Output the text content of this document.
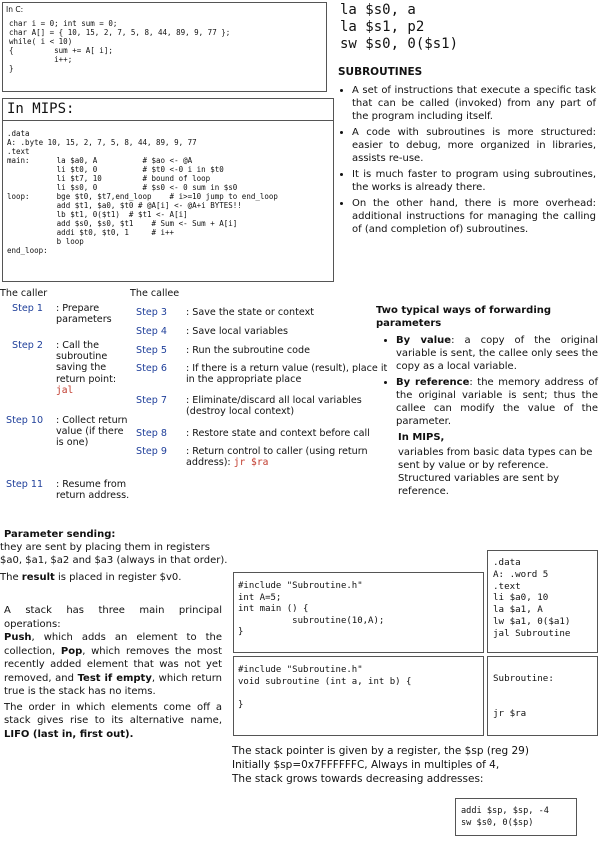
In C:
char i = 0; int sum = 0;
char A[] = { 10, 15, 2, 7, 5, 8, 44, 89, 9, 77 };
while( i < 10)
{         sum += A[ i];
i++;
}
In MIPS:
.data
A: .byte 10, 15, 2, 7, 5, 8, 44, 89, 9, 77
.text
main:      la $a0, A          # $ao <- @A
li $t0, 0          # $t0 <-0 i in $t0
li $t7, 10         # bound of loop
li $s0, 0          # $s0 <- 0 sum in $s0
loop:      bge $t0, $t7,end_loop    # i>=10 jump to end_loop
add $t1, $a0, $t0 # @A[i] <- @A+i BYTES!!
lb $t1, 0($t1)  # $t1 <- A[i]
add $s0, $s0, $t1    # Sum <- Sum + A[i]
addi $t0, $t0, 1     # i++
b loop
end_loop:
la $s0, a
la $s1, p2
sw $s0, 0($s1)
SUBROUTINES
• A set of instructions that execute a specific task that can be called (invoked) from any part of the program including itself.
• A code with subroutines is more structured: easier to debug, more organized in libraries, assists re-use.
• It is much faster to program using subroutines, the works is already there.
• On the other hand, there is more overhead: additional instructions for managing the calling of (and completion of) subroutines.
The caller
Step 1	: Prepare parameters
Step 2	: Call the subroutine saving the return point:
jal
Step 10	: Collect return value (if there is one)
Step 11	: Resume from return address.
The callee
Step 3	: Save the state or context
Step 4	: Save local variables
Step 5	: Run the subroutine code
Step 6	: If there is a return value (result), place it in the appropriate place
Step 7	: Eliminate/discard all local variables (destroy local context)
Step 8	: Restore state and context before call
Step 9	: Return control to caller (using return address): jr $ra
Two typical ways of forwarding parameters
• By value: a copy of the original variable is sent, the callee only sees the copy as a local variable.
• By reference: the memory address of the original variable is sent; thus the callee can modify the value of the parameter.
In MIPS,
variables from basic data types can be sent by value or by reference. Structured variables are sent by reference.
Parameter sending:
they are sent by placing them in registers $a0, $a1, $a2 and $a3 (always in that order).
The result is placed in register $v0.
A stack has three main principal operations:
Push, which adds an element to the collection, Pop, which removes the most recently added element that was not yet removed, and Test if empty, which return true is the stack has no items.
The order in which elements come off a stack gives rise to its alternative name, LIFO (last in, first out).
#include "Subroutine.h"
int A=5;
int main () {
subroutine(10,A);
}
#include "Subroutine.h"
void subroutine (int a, int b) {

}
.data
A: .word 5
.text
li $a0, 10
la $a1, A
lw $a1, 0($a1)
jal Subroutine
Subroutine:

jr $ra
The stack pointer is given by a register, the $sp (reg 29)
Initially $sp=0x7FFFFFFC, Always in multiples of 4,
The stack grows towards decreasing addresses:
addi $sp, $sp, -4
sw $s0, 0($sp)
